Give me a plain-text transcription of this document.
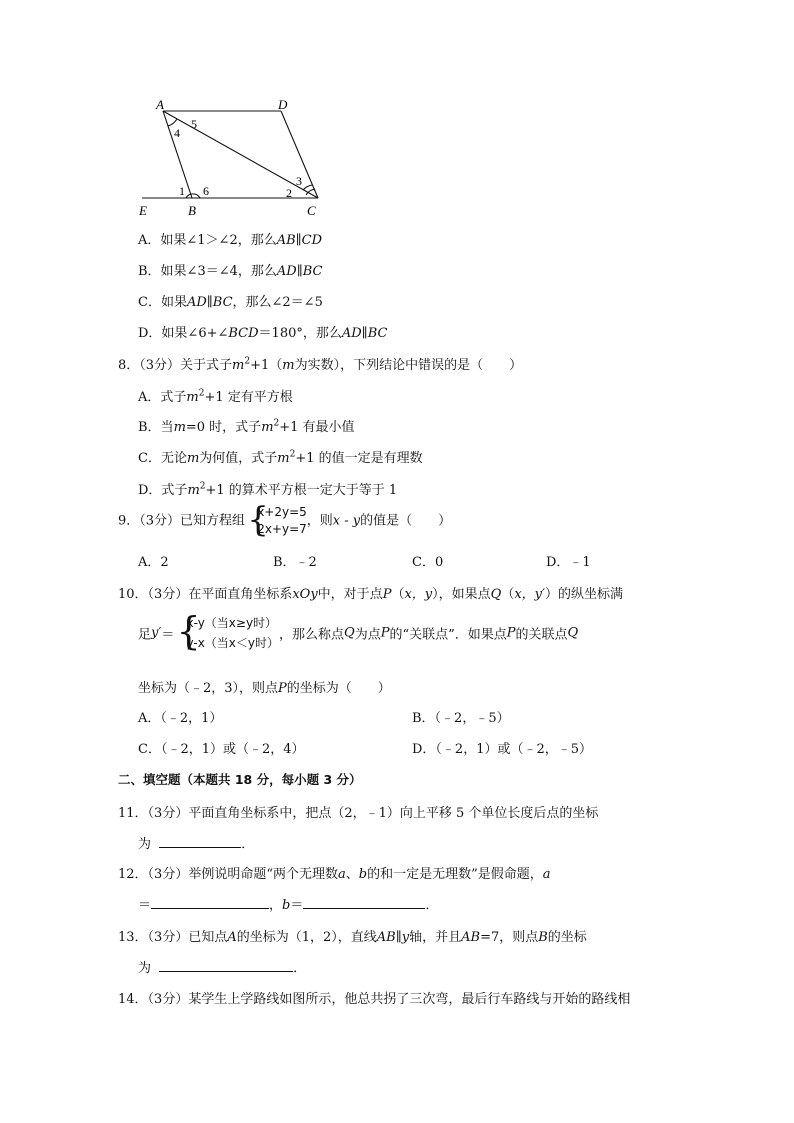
A	D
E	B	C
4
5
1 6	2
3
A．如果∠1＞∠2，那么AB∥CD
B．如果∠3＝∠4，那么AD∥BC
C．如果AD∥BC，那么∠2＝∠5
D．如果∠6+∠BCD＝180°，那么AD∥BC
8．（3分）关于式子$m^2+1(m$为实数），下列结论中错误的是（　　）
A．式子$m^2+1$ 定有平方根
B．当m=0 时，式子$m^2+1$ 有最小值
C．无论m为何值，式子$m^2+1$ 的值一定是有理数
D．式子$m^2+1$ 的算术平方根一定大于等于 1
9．（3分）已知方程组 {
x+2y=5
2x+y=7
，则x - y的值是（　　）
A．2	B．﹣2	C．0	D．﹣1
10．（3分）在平面直角坐标系xOy中，对于点P（x，y），如果点Q（x，y′）的纵坐标满
足y′＝ {
x-y（当x≥y时）
y-x（当x＜y时）
，那么称点Q为点P的“关联点”．如果点P的关联点Q
坐标为（﹣2，3），则点P的坐标为（　　）
A．（﹣2，1）	B．（﹣2，﹣5）
C．（﹣2，1）或（﹣2，4）	D．（﹣2，1）或（﹣2，﹣5）
二、填空题（本题共 18 分，每小题 3 分）
11．（3分）平面直角坐标系中，把点（2，﹣1）向上平移 5 个单位长度后点的坐标
为	．
12．（3分）举例说明命题“两个无理数a、b的和一定是无理数”是假命题，a
＝	，b＝	．
13．（3分）已知点A的坐标为（1，2），直线AB∥y轴，并且AB=7，则点B的坐标
为	．
14．（3分）某学生上学路线如图所示，他总共拐了三次弯，最后行车路线与开始的路线相
